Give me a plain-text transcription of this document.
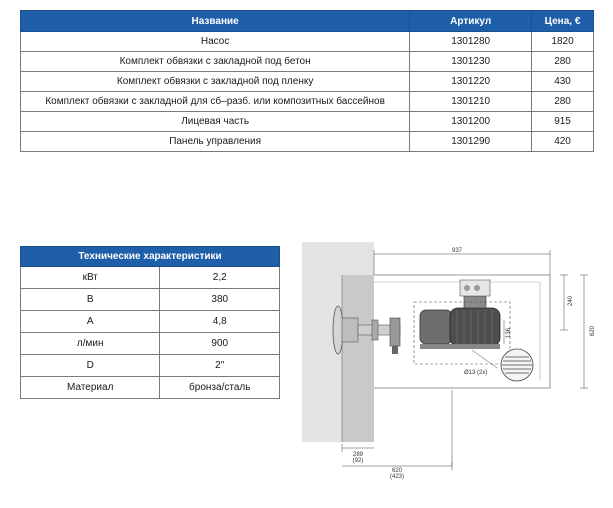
Название	Артикул	Цена, €
Насос	1301280	1820
Комплект обвязки с закладной под бетон	1301230	280
Комплект обвязки с закладной под пленку	1301220	430
Комплект обвязки с закладной для сб–разб. или композитных бассейнов	1301210	280
Лицевая часть	1301200	915
Панель управления	1301290	420
Технические характеристики	
кВт	2,2
В	380
А	4,8
л/мин	900
D	2"
Материал	бронза/сталь
937
240
620
136
Ø13 (2x)
289
(92)
620
(423)
